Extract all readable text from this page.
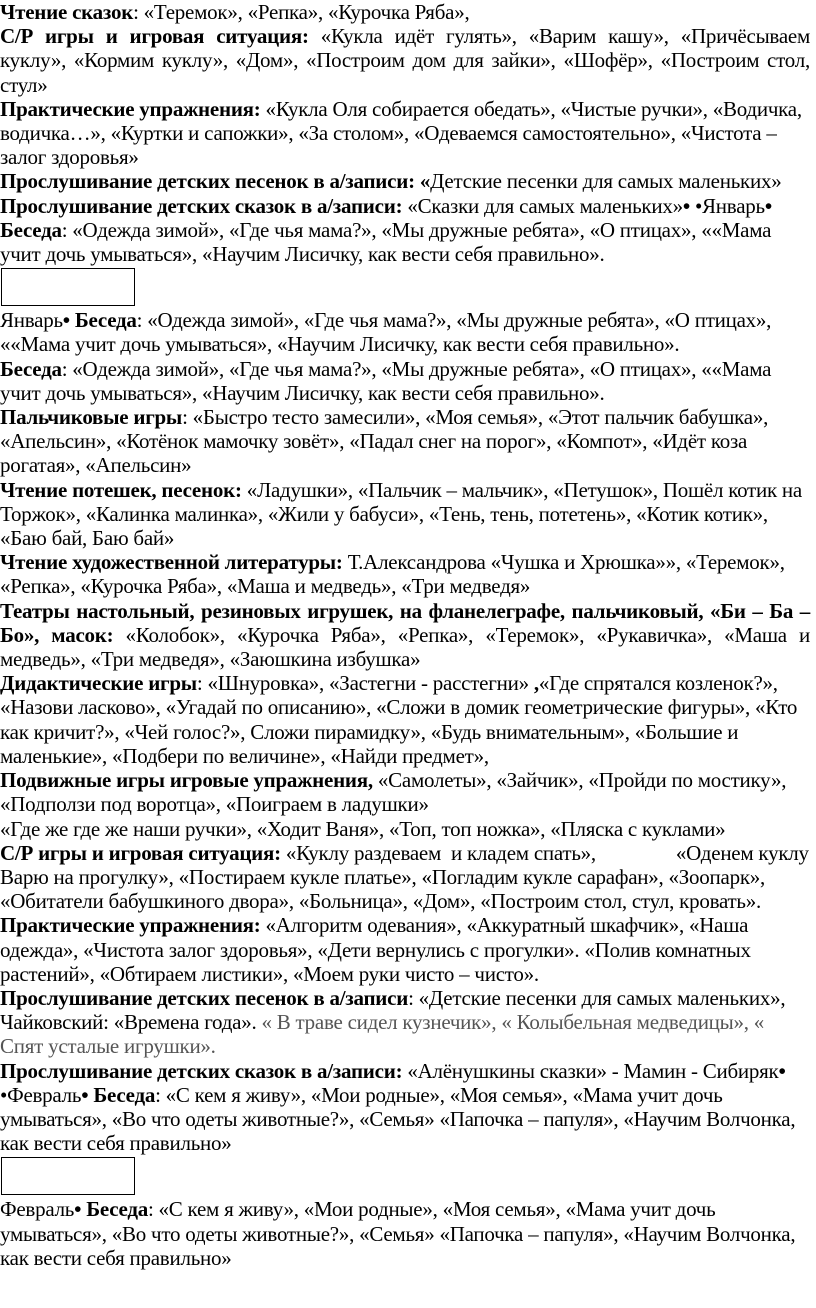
Чтение сказок: «Теремок», «Репка», «Курочка Ряба»,

С/Р игры и игровая ситуация: «Кукла идёт гулять», «Варим кашу», «Причёсываем куклу», «Кормим куклу», «Дом», «Построим дом для зайки», «Шофёр», «Построим стол, стул»

Практические упражнения: «Кукла Оля собирается обедать», «Чистые ручки», «Водичка, водичка…», «Куртки и сапожки», «За столом», «Одеваемся самостоятельно», «Чистота – залог здоровья»

Прослушивание детских песенок в а/записи: «Детские песенки для самых маленьких»

Прослушивание детских сказок в а/записи: «Сказки для самых маленьких»• •Январь• Беседа: «Одежда зимой», «Где чья мама?», «Мы дружные ребята», «О птицах», ««Мама учит дочь умываться», «Научим Лисичку, как вести себя правильно».

Январь• Беседа: «Одежда зимой», «Где чья мама?», «Мы дружные ребята», «О птицах», ««Мама учит дочь умываться», «Научим Лисичку, как вести себя правильно».

Беседа: «Одежда зимой», «Где чья мама?», «Мы дружные ребята», «О птицах», ««Мама учит дочь умываться», «Научим Лисичку, как вести себя правильно».

Пальчиковые игры: «Быстро тесто замесили», «Моя семья», «Этот пальчик бабушка», «Апельсин», «Котёнок мамочку зовёт», «Падал снег на порог», «Компот», «Идёт коза рогатая», «Апельсин»

Чтение потешек, песенок: «Ладушки», «Пальчик – мальчик», «Петушок», Пошёл котик на Торжок», «Калинка малинка», «Жили у бабуси», «Тень, тень, потетень», «Котик котик», «Баю бай, Баю бай»

Чтение художественной литературы: Т.Александрова «Чушка и Хрюшка»», «Теремок», «Репка», «Курочка Ряба», «Маша и медведь», «Три медведя»

Театры настольный, резиновых игрушек, на фланелеграфе, пальчиковый, «Би – Ба – Бо», масок: «Колобок», «Курочка Ряба», «Репка», «Теремок», «Рукавичка», «Маша и медведь», «Три медведя», «Заюшкина избушка»

Дидактические игры: «Шнуровка», «Застегни - расстегни» ,«Где спрятался козленок?», «Назови ласково», «Угадай по описанию», «Сложи в домик геометрические фигуры», «Кто как кричит?», «Чей голос?», Сложи пирамидку», «Будь внимательным», «Большие и маленькие», «Подбери по величине», «Найди предмет»,

Подвижные игры игровые упражнения, «Самолеты», «Зайчик», «Пройди по мостику», «Подползи под воротца», «Поиграем в ладушки»

«Где же где же наши ручки», «Ходит Ваня», «Топ, топ ножка», «Пляска с куклами»

С/Р игры и игровая ситуация: «Куклу раздеваем  и кладем спать»,                «Оденем куклу Варю на прогулку», «Постираем кукле платье», «Погладим кукле сарафан», «Зоопарк», «Обитатели бабушкиного двора», «Больница», «Дом», «Построим стол, стул, кровать».

Практические упражнения: «Алгоритм одевания», «Аккуратный шкафчик», «Наша одежда», «Чистота залог здоровья», «Дети вернулись с прогулки». «Полив комнатных растений», «Обтираем листики», «Моем руки чисто – чисто».

Прослушивание детских песенок в а/записи: «Детские песенки для самых маленьких», Чайковский: «Времена года». « В траве сидел кузнечик», « Колыбельная медведицы», « Спят усталые игрушки».

Прослушивание детских сказок в а/записи: «Алёнушкины сказки» - Мамин - Сибиряк• •Февраль• Беседа: «С кем я живу», «Мои родные», «Моя семья», «Мама учит дочь умываться», «Во что одеты животные?», «Семья» «Папочка – папуля», «Научим Волчонка, как вести себя правильно»

Февраль• Беседа: «С кем я живу», «Мои родные», «Моя семья», «Мама учит дочь умываться», «Во что одеты животные?», «Семья» «Папочка – папуля», «Научим Волчонка, как вести себя правильно»
